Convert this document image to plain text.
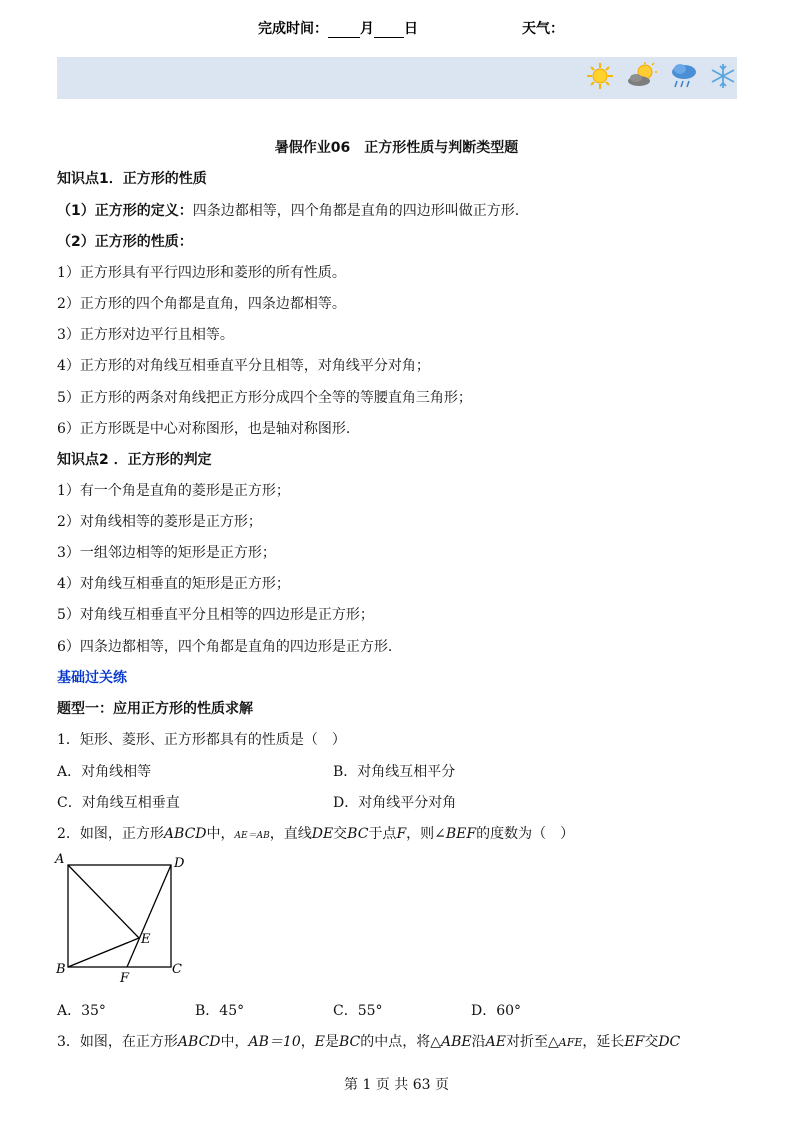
完成时间： 月 日	天气：
暑假作业06　正方形性质与判断类型题
知识点1．正方形的性质
（1）正方形的定义：四条边都相等，四个角都是直角的四边形叫做正方形.
（2）正方形的性质：
1）正方形具有平行四边形和菱形的所有性质。
2）正方形的四个角都是直角，四条边都相等。
3）正方形对边平行且相等。
4）正方形的对角线互相垂直平分且相等，对角线平分对角；
5）正方形的两条对角线把正方形分成四个全等的等腰直角三角形；
6）正方形既是中心对称图形，也是轴对称图形.
知识点2 ．正方形的判定
1）有一个角是直角的菱形是正方形；
2）对角线相等的菱形是正方形；
3）一组邻边相等的矩形是正方形；
4）对角线互相垂直的矩形是正方形；
5）对角线互相垂直平分且相等的四边形是正方形；
6）四条边都相等，四个角都是直角的四边形是正方形.
基础过关练
题型一：应用正方形的性质求解
1．矩形、菱形、正方形都具有的性质是（　）
A．对角线相等	B．对角线互相平分
C．对角线互相垂直	D．对角线平分对角
2．如图，正方形ABCD中，AE＝AB，直线DE交BC于点F，则∠BEF的度数为（　）
A	D
B	C
E
F
A．35°	B．45°	C．55°	D．60°
3．如图，在正方形ABCD中，AB＝10，E是BC的中点，将△ABE沿AE对折至△AFE，延长EF交DC
第 1 页 共 63 页
